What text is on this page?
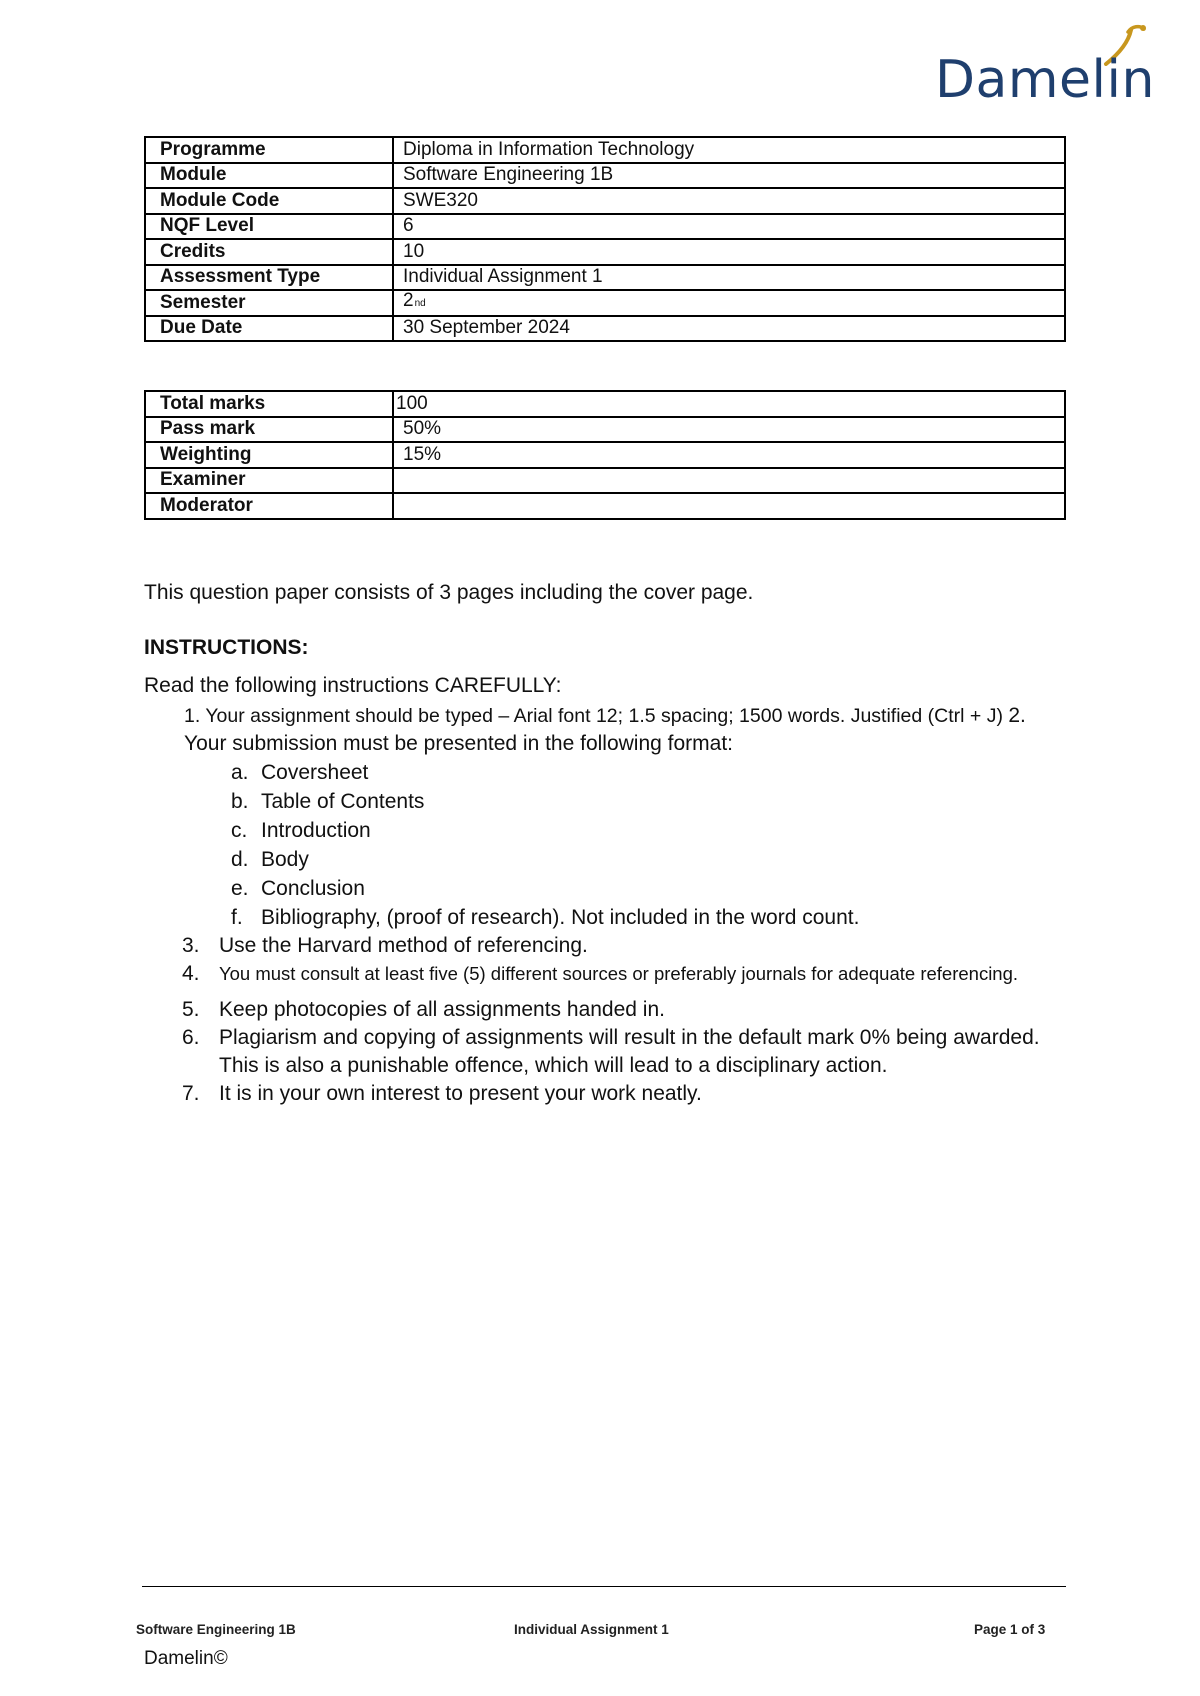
Damelin
Programme	Diploma in Information Technology
Module	Software Engineering 1B
Module Code	SWE320
NQF Level	6
Credits	10
Assessment Type	Individual Assignment 1
Semester	2nd
Due Date	30 September 2024
Total marks	100
Pass mark	50%
Weighting	15%
Examiner	
Moderator	
This question paper consists of 3 pages including the cover page.
INSTRUCTIONS:
Read the following instructions CAREFULLY:
1. Your assignment should be typed – Arial font 12; 1.5 spacing; 1500 words. Justified (Ctrl + J) 2.
Your submission must be presented in the following format:
a. Coversheet
b. Table of Contents
c. Introduction
d. Body
e. Conclusion
f. Bibliography, (proof of research). Not included in the word count.
3. Use the Harvard method of referencing.
4.	You must consult at least five (5) different sources or preferably journals for adequate referencing.
5. Keep photocopies of all assignments handed in.
6. Plagiarism and copying of assignments will result in the default mark 0% being awarded. This is also a punishable offence, which will lead to a disciplinary action.
7. It is in your own interest to present your work neatly.
Software Engineering 1B	Individual Assignment 1	Page 1 of 3
Damelin©
